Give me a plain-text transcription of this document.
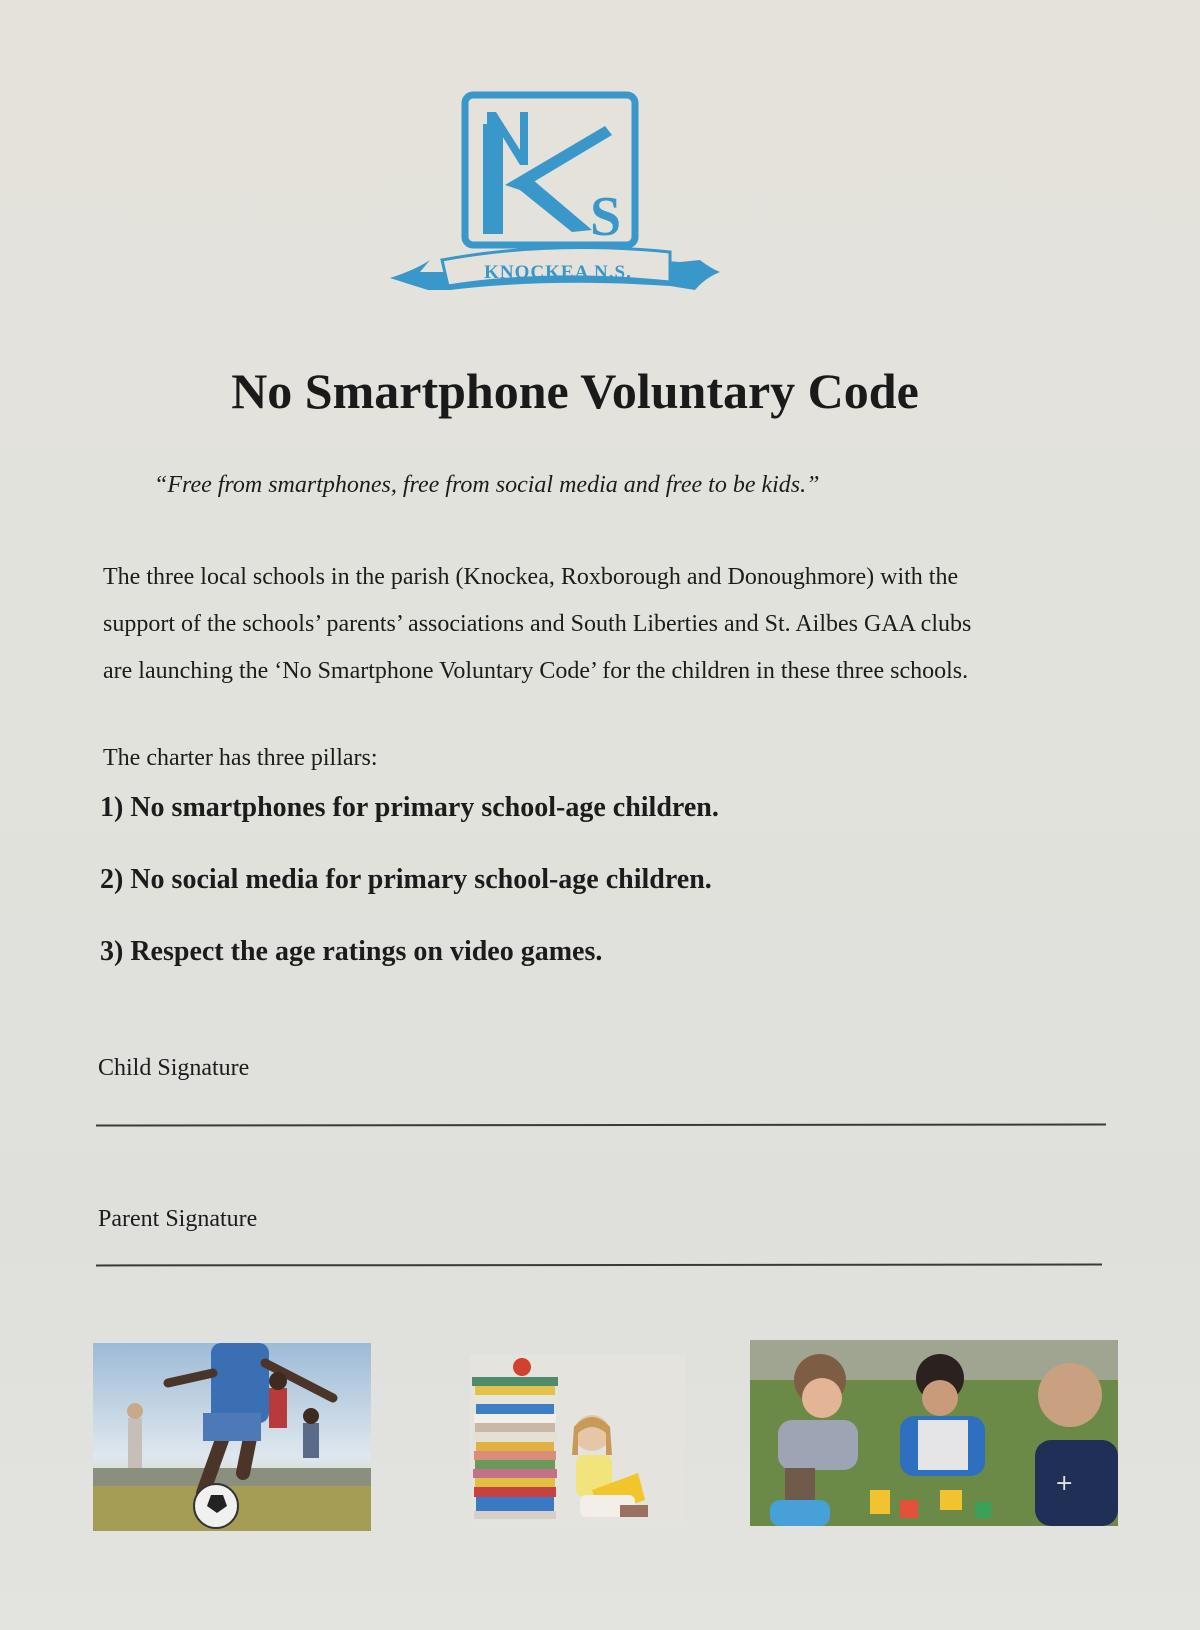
S
KNOCKEA N.S.
No Smartphone Voluntary Code
“Free from smartphones, free from social media and free to be kids.”
The three local schools in the parish (Knockea, Roxborough and Donoughmore) with the
support of the schools’ parents’ associations and South Liberties and St. Ailbes GAA clubs
are launching the ‘No Smartphone Voluntary Code’ for the children in these three schools.
The charter has three pillars:
1) No smartphones for primary school-age children.
2) No social media for primary school-age children.
3) Respect the age ratings on video games.
Child Signature
Parent Signature
+
